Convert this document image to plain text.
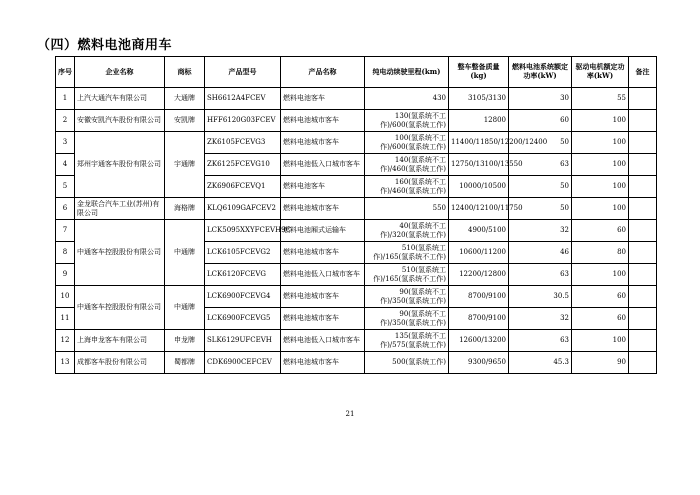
（四）燃料电池商用车
序号	企业名称	商标	产品型号	产品名称	纯电动续驶里程(km)	整车整备质量(kg)	燃料电池系统额定功率(kW)	驱动电机额定功率(kW)	备注
1	上汽大通汽车有限公司	大通牌	SH6612A4FCEV	燃料电池客车	430	3105/3130	30	55	
2	安徽安凯汽车股份有限公司	安凯牌	HFF6120G03FCEV	燃料电池城市客车	130(氢系统不工作)/600(氢系统工作)	12800	60	100	
3	郑州宇通客车股份有限公司	宇通牌	ZK6105FCEVG3	燃料电池城市客车	100(氢系统不工作)/600(氢系统工作)	11400/11850/12200/12400	50	100	
4			ZK6125FCEVG10	燃料电池低入口城市客车	140(氢系统不工作)/460(氢系统工作)	12750/13100/13550	63	100	
5			ZK6906FCEVQ1	燃料电池客车	160(氢系统不工作)/460(氢系统工作)	10000/10500	50	100	
6	金龙联合汽车工业(苏州)有限公司	海格牌	KLQ6109GAFCEV2	燃料电池城市客车	550	12400/12100/11750	50	100	
7	中通客车控股股份有限公司	中通牌	LCK5095XXYFCEVH9C	燃料电池厢式运输车	40(氢系统不工作)/320(氢系统工作)	4900/5100	32	60	
8			LCK6105FCEVG2	燃料电池城市客车	510(氢系统工作)/165(氢系统不工作)	10600/11200	46	80	
9			LCK6120FCEVG	燃料电池低入口城市客车	510(氢系统工作)/165(氢系统不工作)	12200/12800	63	100	
10	中通客车控股股份有限公司	中通牌	LCK6900FCEVG4	燃料电池城市客车	90(氢系统不工作)/350(氢系统工作)	8700/9100	30.5	60	
11			LCK6900FCEVG5	燃料电池城市客车	90(氢系统不工作)/350(氢系统工作)	8700/9100	32	60	
12	上海申龙客车有限公司	申龙牌	SLK6129UFCEVH	燃料电池低入口城市客车	135(氢系统不工作)/575(氢系统工作)	12600/13200	63	100	
13	成都客车股份有限公司	蜀都牌	CDK6900CEFCEV	燃料电池城市客车	500(氢系统工作)	9300/9650	45.3	90	
21
